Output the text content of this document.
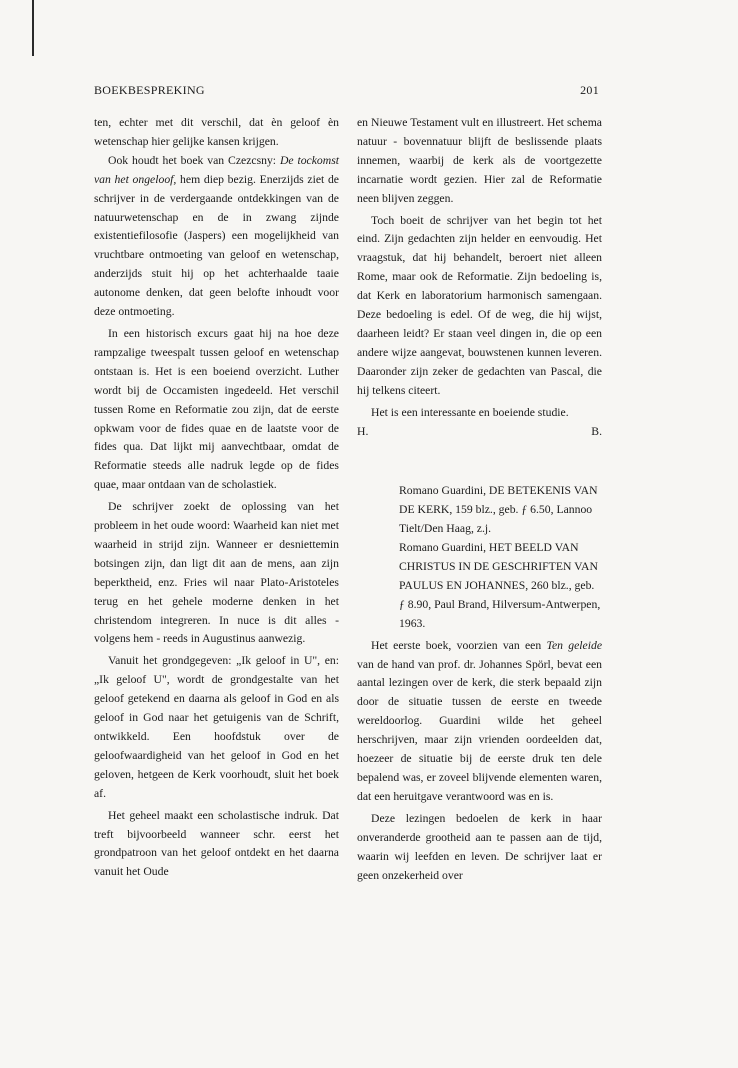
BOEKBESPREKING	201

ten, echter met dit verschil, dat èn geloof èn wetenschap hier gelijke kansen krijgen.

Ook houdt het boek van Czezcsny: De tockomst van het ongeloof, hem diep bezig. Enerzijds ziet de schrijver in de verdergaande ontdekkingen van de natuurwetenschap en de in zwang zijnde existentiefilosofie (Jaspers) een mogelijkheid van vruchtbare ontmoeting van geloof en wetenschap, anderzijds stuit hij op het achterhaalde taaie autonome denken, dat geen belofte inhoudt voor deze ontmoeting.

In een historisch excurs gaat hij na hoe deze rampzalige tweespalt tussen geloof en wetenschap ontstaan is. Het is een boeiend overzicht. Luther wordt bij de Occamisten ingedeeld. Het verschil tussen Rome en Reformatie zou zijn, dat de eerste opkwam voor de fides quae en de laatste voor de fides qua. Dat lijkt mij aanvechtbaar, omdat de Reformatie steeds alle nadruk legde op de fides quae, maar ontdaan van de scholastiek.

De schrijver zoekt de oplossing van het probleem in het oude woord: Waarheid kan niet met waarheid in strijd zijn. Wanneer er desniettemin botsingen zijn, dan ligt dit aan de mens, aan zijn beperktheid, enz. Fries wil naar Plato-Aristoteles terug en het gehele moderne denken in het christendom integreren. In nuce is dit alles - volgens hem - reeds in Augustinus aanwezig.

Vanuit het grondgegeven: „Ik geloof in U", en: „Ik geloof U", wordt de grondgestalte van het geloof getekend en daarna als geloof in God en als geloof in God naar het getuigenis van de Schrift, ontwikkeld. Een hoofdstuk over de geloofwaardigheid van het geloof in God en het geloven, hetgeen de Kerk voorhoudt, sluit het boek af.

Het geheel maakt een scholastische indruk. Dat treft bijvoorbeeld wanneer schr. eerst het grondpatroon van het geloof ontdekt en het daarna vanuit het Oude

en Nieuwe Testament vult en illustreert. Het schema natuur - bovennatuur blijft de beslissende plaats innemen, waarbij de kerk als de voortgezette incarnatie wordt gezien. Hier zal de Reformatie neen blijven zeggen.

Toch boeit de schrijver van het begin tot het eind. Zijn gedachten zijn helder en eenvoudig. Het vraagstuk, dat hij behandelt, beroert niet alleen Rome, maar ook de Reformatie. Zijn bedoeling is, dat Kerk en laboratorium harmonisch samengaan. Deze bedoeling is edel. Of de weg, die hij wijst, daarheen leidt? Er staan veel dingen in, die op een andere wijze aangevat, bouwstenen kunnen leveren. Daaronder zijn zeker de gedachten van Pascal, die hij telkens citeert.

Het is een interessante en boeiende studie.

H.	B.

Romano Guardini, DE BETEKENIS VAN DE KERK, 159 blz., geb. ƒ 6.50, Lannoo Tielt/Den Haag, z.j.

Romano Guardini, HET BEELD VAN CHRISTUS IN DE GESCHRIFTEN VAN PAULUS EN JOHANNES, 260 blz., geb. ƒ 8.90, Paul Brand, Hilversum-Antwerpen, 1963.

Het eerste boek, voorzien van een Ten geleide van de hand van prof. dr. Johannes Spörl, bevat een aantal lezingen over de kerk, die sterk bepaald zijn door de situatie tussen de eerste en tweede wereldoorlog. Guardini wilde het geheel herschrijven, maar zijn vrienden oordeelden dat, hoezeer de situatie bij de eerste druk ten dele bepalend was, er zoveel blijvende elementen waren, dat een heruitgave verantwoord was en is.

Deze lezingen bedoelen de kerk in haar onveranderde grootheid aan te passen aan de tijd, waarin wij leefden en leven. De schrijver laat er geen onzekerheid over
